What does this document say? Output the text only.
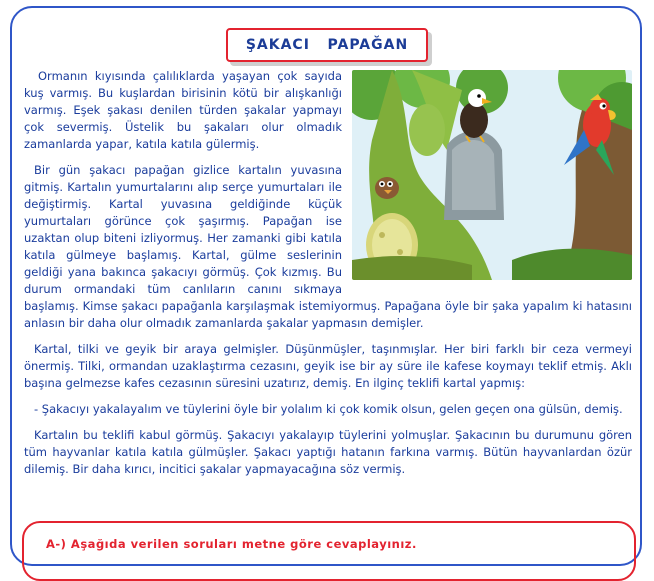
ŞAKACI   PAPAĞAN

Ormanın kıyısında çalılıklarda yaşayan çok sayıda kuş varmış. Bu kuşlardan birisinin kötü bir alışkanlığı varmış. Eşek şakası denilen türden şakalar yapmayı çok severmiş. Üstelik bu şakaları olur olmadık zamanlarda yapar, katıla katıla gülermiş.

Bir gün şakacı papağan gizlice kartalın yuvasına gitmiş. Kartalın yumurtalarını alıp serçe yumurtaları ile değiştirmiş. Kartal yuvasına geldiğinde küçük yumurtaları görünce çok şaşırmış. Papağan ise uzaktan olup biteni izliyormuş. Her zamanki gibi katıla katıla gülmeye başlamış. Kartal, gülme seslerinin geldiği yana bakınca şakacıyı görmüş. Çok kızmış. Bu durum ormandaki tüm canlıların canını sıkmaya başlamış. Kimse şakacı papağanla karşılaşmak istemiyormuş. Papağana öyle bir şaka yapalım ki hatasını anlasın bir daha olur olmadık zamanlarda şakalar yapmasın demişler.

Kartal, tilki ve geyik bir araya gelmişler. Düşünmüşler, taşınmışlar. Her biri farklı bir ceza vermeyi önermiş. Tilki, ormandan uzaklaştırma cezasını, geyik ise bir ay süre ile kafese koymayı teklif etmiş. Aklı başına gelmezse kafes cezasının süresini uzatırız, demiş. En ilginç teklifi kartal yapmış:

- Şakacıyı yakalayalım ve tüylerini öyle bir yolalım ki çok komik olsun, gelen geçen ona gülsün, demiş.

Kartalın bu teklifi kabul görmüş. Şakacıyı yakalayıp tüylerini yolmuşlar. Şakacının bu durumunu gören tüm hayvanlar katıla katıla gülmüşler. Şakacı yaptığı hatanın farkına varmış. Bütün hayvanlardan özür dilemiş. Bir daha kırıcı, incitici şakalar yapmayacağına söz vermiş.

A-) Aşağıda verilen soruları metne göre cevaplayınız.
